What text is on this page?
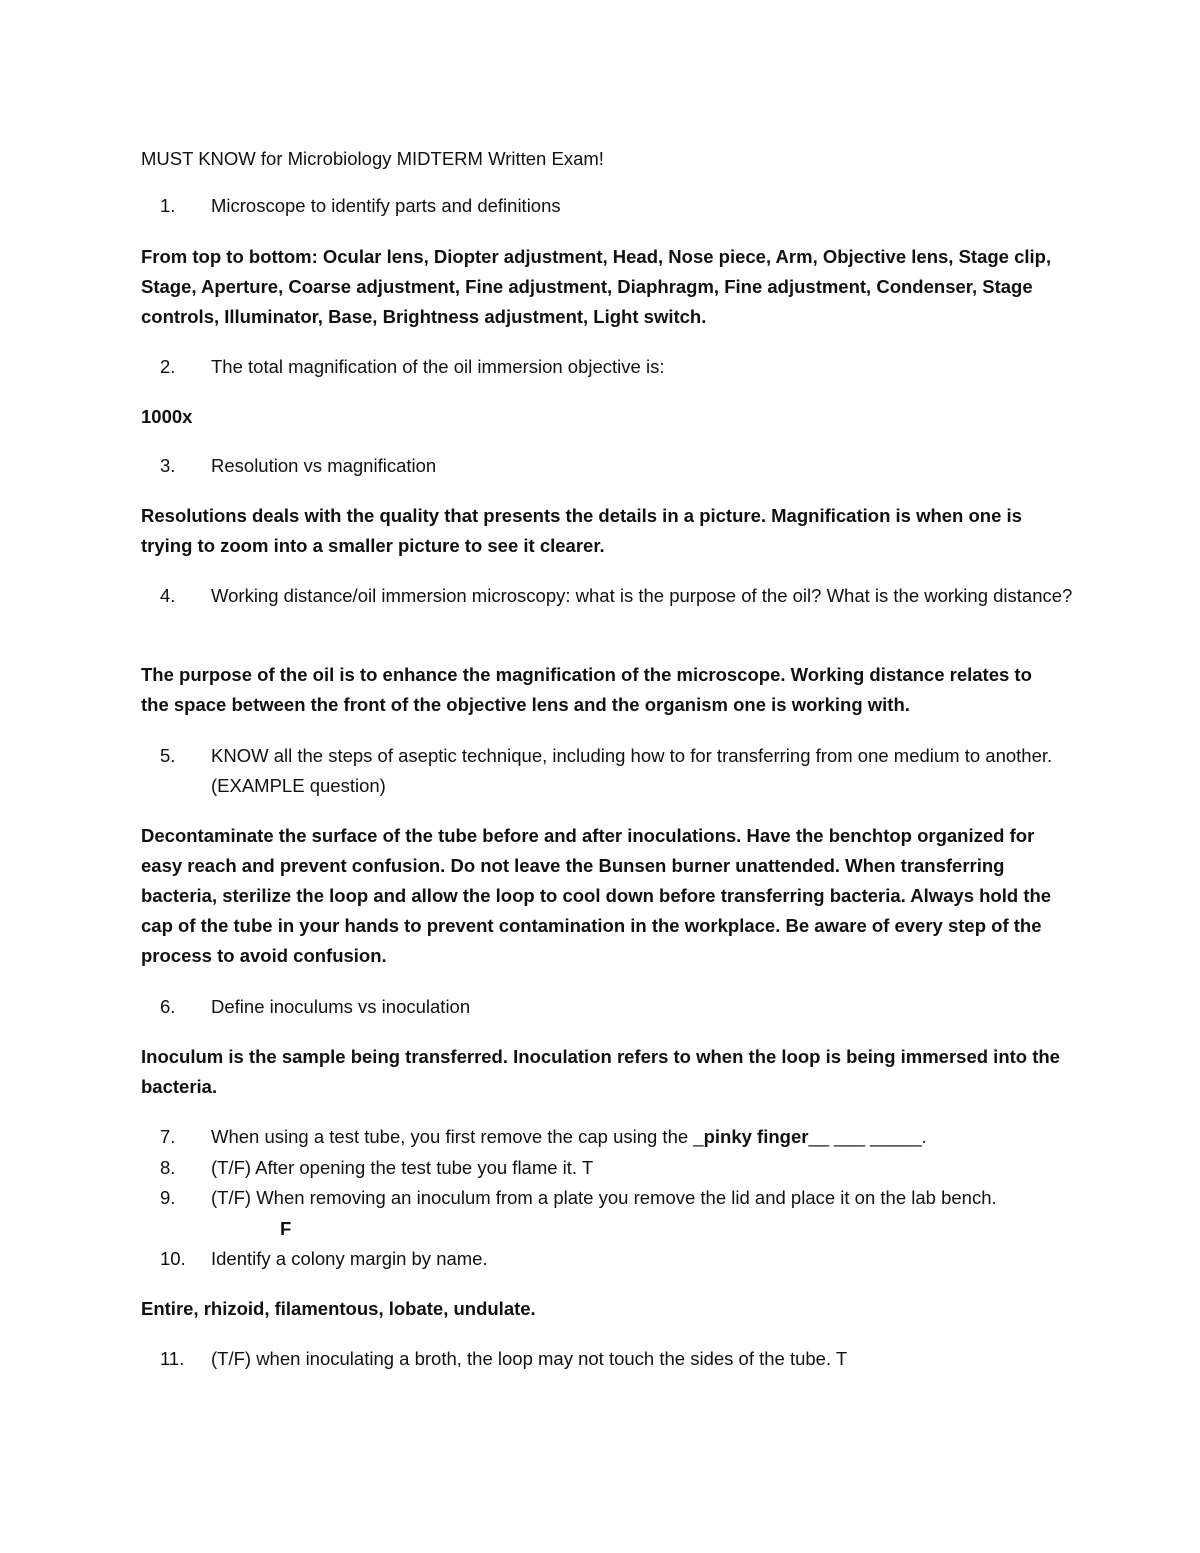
MUST KNOW for Microbiology MIDTERM Written Exam!
1.	Microscope to identify parts and definitions
From top to bottom: Ocular lens, Diopter adjustment, Head, Nose piece, Arm, Objective lens, Stage clip, Stage, Aperture, Coarse adjustment, Fine adjustment, Diaphragm, Fine adjustment, Condenser, Stage controls, Illuminator, Base, Brightness adjustment, Light switch.
2.	The total magnification of the oil immersion objective is:
1000x
3.	Resolution vs magnification
Resolutions deals with the quality that presents the details in a picture. Magnification is when one is trying to zoom into a smaller picture to see it clearer.
4.	Working distance/oil immersion microscopy: what is the purpose of the oil? What is the working distance?
The purpose of the oil is to enhance the magnification of the microscope. Working distance relates to the space between the front of the objective lens and the organism one is working with.
5.	KNOW all the steps of aseptic technique, including how to for transferring from one medium to another. (EXAMPLE question)
Decontaminate the surface of the tube before and after inoculations. Have the benchtop organized for easy reach and prevent confusion. Do not leave the Bunsen burner unattended. When transferring bacteria, sterilize the loop and allow the loop to cool down before transferring bacteria. Always hold the cap of the tube in your hands to prevent contamination in the workplace. Be aware of every step of the process to avoid confusion.
6.	Define inoculums vs inoculation
Inoculum is the sample being transferred. Inoculation refers to when the loop is being immersed into the bacteria.
7.	When using a test tube, you first remove the cap using the _pinky finger__ ___ _____.
8.	(T/F) After opening the test tube you flame it. T
9.	(T/F) When removing an inoculum from a plate you remove the lid and place it on the lab bench.
F
10.	Identify a colony margin by name.
Entire, rhizoid, filamentous, lobate, undulate.
11.	(T/F) when inoculating a broth, the loop may not touch the sides of the tube. T
